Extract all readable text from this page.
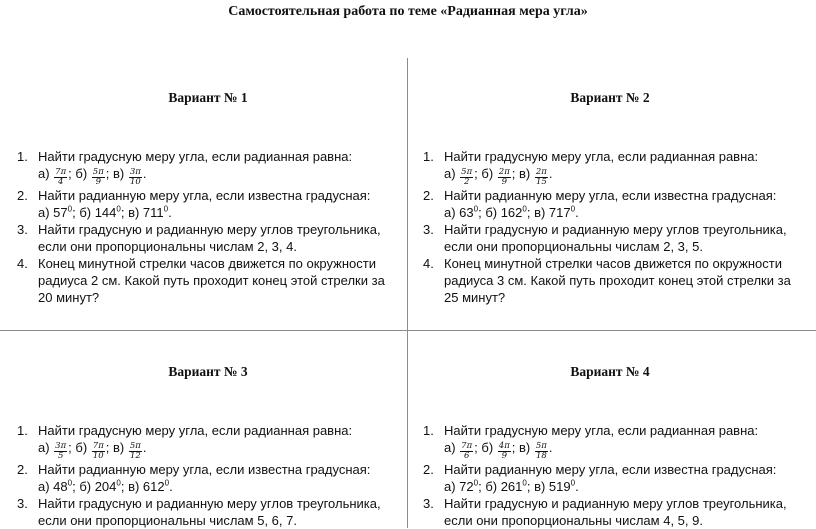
Самостоятельная работа по теме «Радианная мера угла»
Вариант № 1
1. Найти градусную меру угла, если радианная равна:
$а) \frac{7\pi}{4}$ ; $б) \frac{5\pi}{9}$ ; $в) \frac{3\pi}{10}$ .
2. Найти радианную меру угла, если известна градусная:
а) $57^0$; б) $144^0$; в) $711^0$.
3. Найти градусную и радианную меру углов треугольника, если они пропорциональны числам 2, 3, 4.
4. Конец минутной стрелки часов движется по окружности радиуса 2 см. Какой путь проходит конец этой стрелки за 20 минут?
Вариант № 2
1. Найти градусную меру угла, если радианная равна:
$а) \frac{5\pi}{2}$ ; $б) \frac{2\pi}{9}$ ; $в) \frac{2\pi}{15}$ .
2. Найти радианную меру угла, если известна градусная:
а) $63^0$; б) $162^0$; в) $717^0$.
3. Найти градусную и радианную меру углов треугольника, если они пропорциональны числам 2, 3, 5.
4. Конец минутной стрелки часов движется по окружности радиуса 3 см. Какой путь проходит конец этой стрелки за 25 минут?
Вариант № 3
1. Найти градусную меру угла, если радианная равна:
$а) \frac{3\pi}{5}$ ; $б) \frac{7\pi}{10}$ ; $в) \frac{5\pi}{12}$ .
2. Найти радианную меру угла, если известна градусная:
а) $48^0$; б) $204^0$; в) $612^0$.
3. Найти градусную и радианную меру углов треугольника, если они пропорциональны числам 5, 6, 7.
Вариант № 4
1. Найти градусную меру угла, если радианная равна:
$а) \frac{7\pi}{6}$ ; $б) \frac{4\pi}{9}$ ; $в) \frac{5\pi}{18}$ .
2. Найти радианную меру угла, если известна градусная:
а) $72^0$; б) $261^0$; в) $519^0$.
3. Найти градусную и радианную меру углов треугольника, если они пропорциональны числам 4, 5, 9.
